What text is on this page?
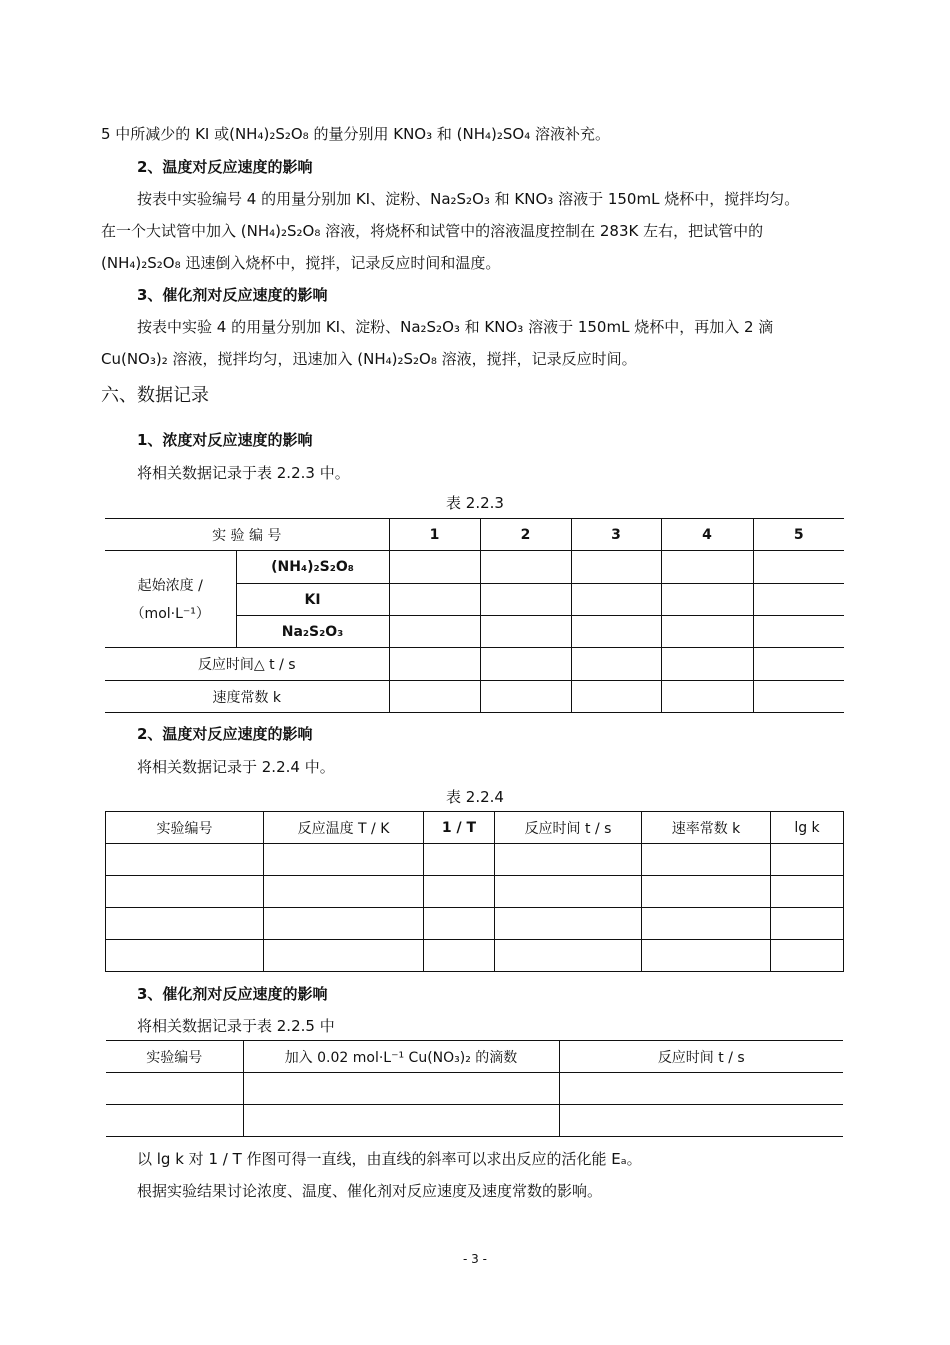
5 中所减少的 KI 或(NH₄)₂S₂O₈ 的量分别用 KNO₃ 和 (NH₄)₂SO₄ 溶液补充。
2、温度对反应速度的影响
按表中实验编号 4 的用量分别加 KI、淀粉、Na₂S₂O₃ 和 KNO₃ 溶液于 150mL 烧杯中，搅拌均匀。
在一个大试管中加入 (NH₄)₂S₂O₈ 溶液，将烧杯和试管中的溶液温度控制在 283K 左右，把试管中的
(NH₄)₂S₂O₈ 迅速倒入烧杯中，搅拌，记录反应时间和温度。
3、催化剂对反应速度的影响
按表中实验 4 的用量分别加 KI、淀粉、Na₂S₂O₃ 和 KNO₃ 溶液于 150mL 烧杯中，再加入 2 滴
Cu(NO₃)₂ 溶液，搅拌均匀，迅速加入 (NH₄)₂S₂O₈ 溶液，搅拌，记录反应时间。
六、数据记录
1、浓度对反应速度的影响
将相关数据记录于表 2.2.3 中。
表 2.2.3
实 验 编 号		1	2	3	4	5

起始浓度 /
（mol·L⁻¹）	(NH₄)₂S₂O₈					
	KI					
	Na₂S₂O₃					
反应时间△ t / s						
速度常数 k						
2、温度对反应速度的影响
将相关数据记录于 2.2.4 中。
表 2.2.4
实验编号	反应温度 T / K	1 / T	反应时间 t / s	速率常数 k	lg k

3、催化剂对反应速度的影响
将相关数据记录于表 2.2.5 中
实验编号	加入 0.02 mol·L⁻¹ Cu(NO₃)₂ 的滴数	反应时间 t / s

以 lg k 对 1 / T 作图可得一直线，由直线的斜率可以求出反应的活化能 Eₐ。
根据实验结果讨论浓度、温度、催化剂对反应速度及速度常数的影响。
- 3 -
